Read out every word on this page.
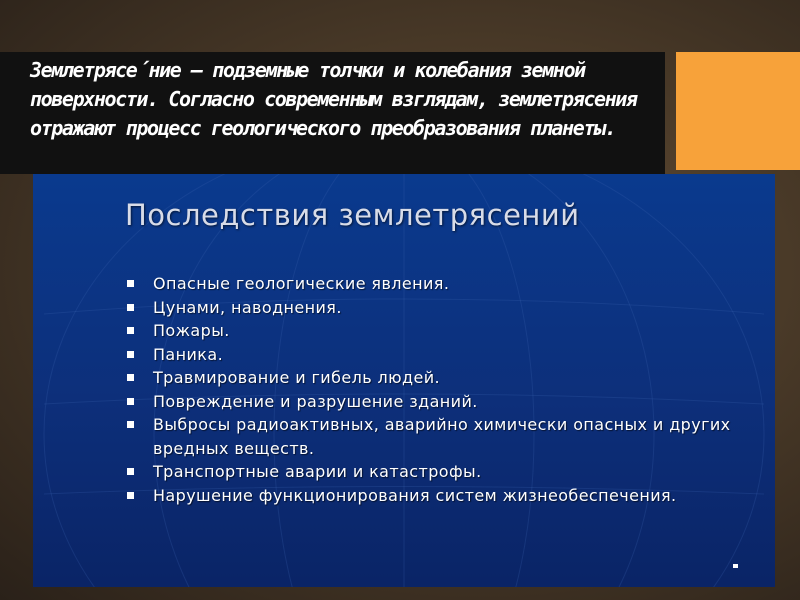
Землетрясе́ние — подземные толчки и колебания земной поверхности. Согласно современным взглядам, землетрясения отражают процесс геологического преобразования планеты.

Последствия землетрясений
Опасные геологические явления.
Цунами, наводнения.
Пожары.
Паника.
Травмирование и гибель людей.
Повреждение и разрушение зданий.
Выбросы радиоактивных, аварийно химически опасных и других вредных веществ.
Транспортные аварии и катастрофы.
Нарушение функционирования систем жизнеобеспечения.
